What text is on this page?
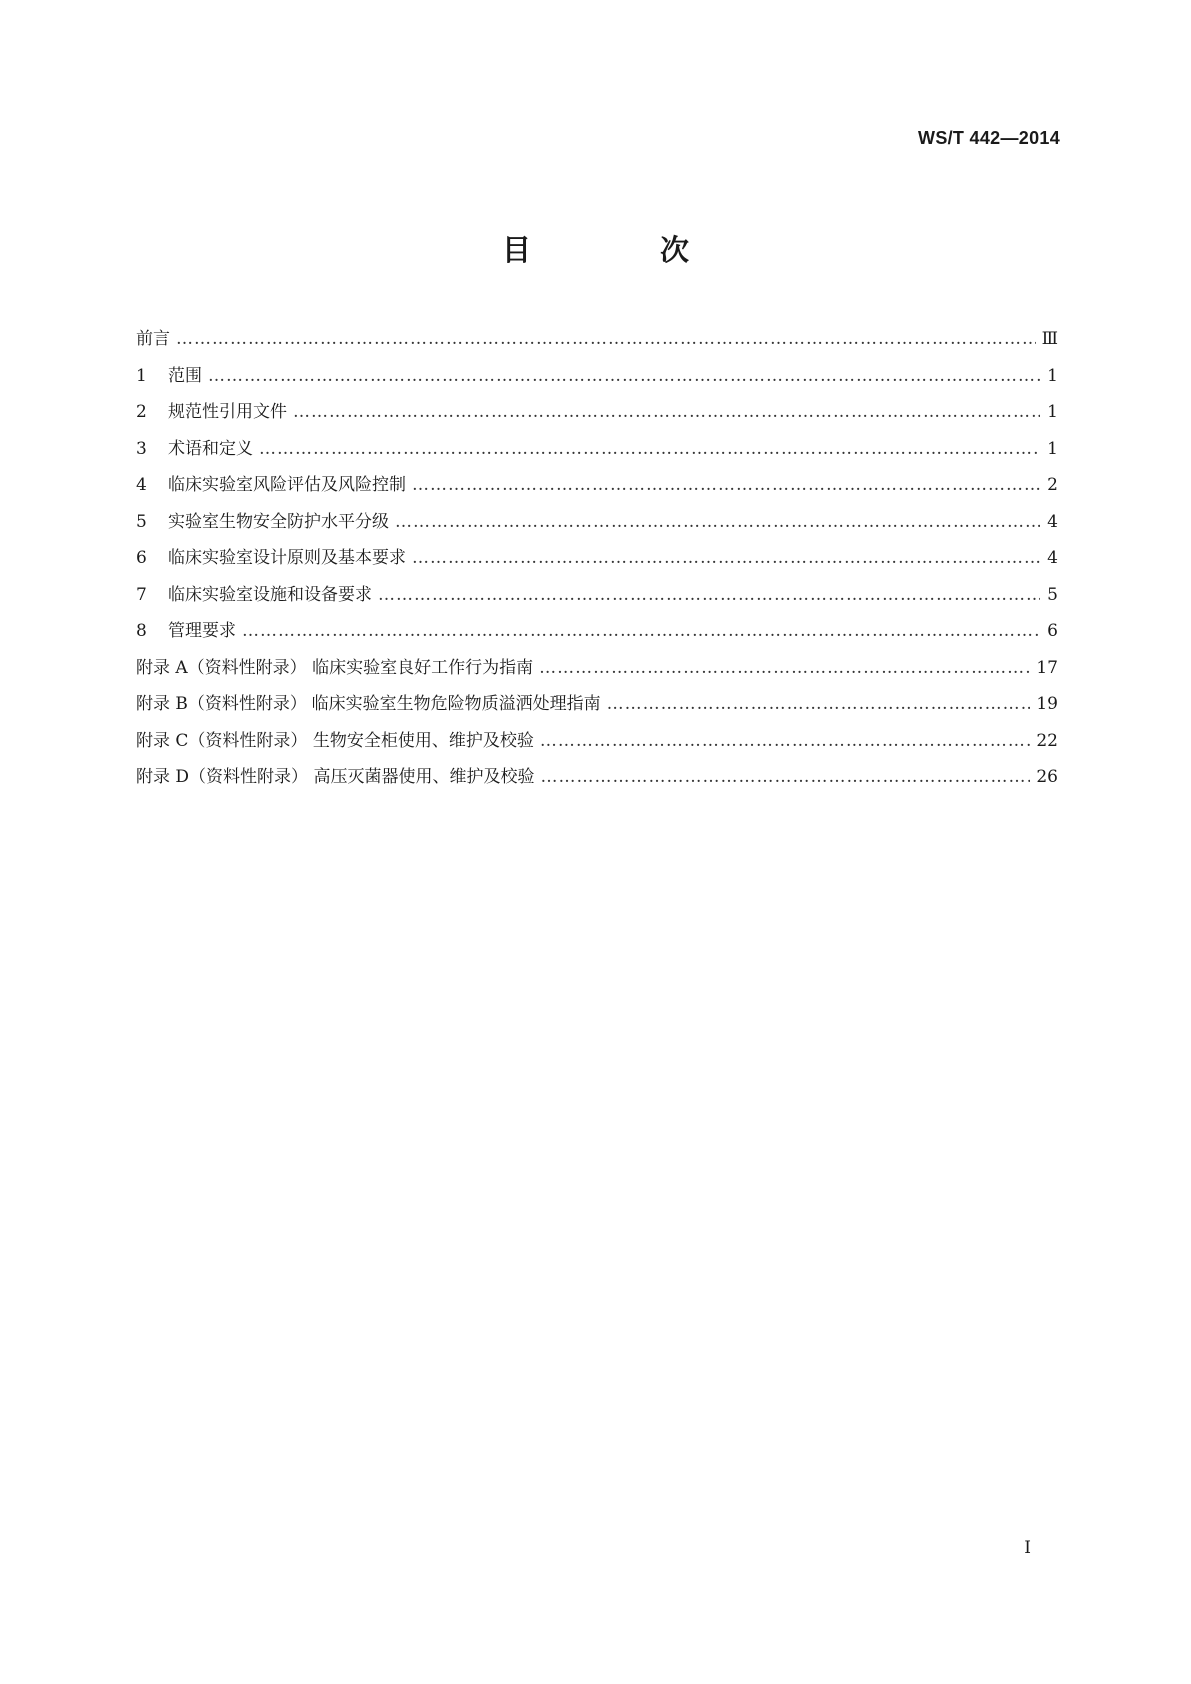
WS/T 442—2014
目　次
前言 …………………………………………………………………………………………………………………………………………………………………………………………	Ⅲ
1	范围 …………………………………………………………………………………………………………………………………………………………………………………………	1
2	规范性引用文件 …………………………………………………………………………………………………………………………………………………………………………………………	1
3	术语和定义 …………………………………………………………………………………………………………………………………………………………………………………………	1
4	临床实验室风险评估及风险控制 …………………………………………………………………………………………………………………………………………………………………………………………	2
5	实验室生物安全防护水平分级 …………………………………………………………………………………………………………………………………………………………………………………………	4
6	临床实验室设计原则及基本要求 …………………………………………………………………………………………………………………………………………………………………………………………	4
7	临床实验室设施和设备要求 …………………………………………………………………………………………………………………………………………………………………………………………	5
8	管理要求 …………………………………………………………………………………………………………………………………………………………………………………………	6
附录 A（资料性附录） 临床实验室良好工作行为指南 …………………………………………………………………………………………………………………………………………………………………………………………	17
附录 B（资料性附录） 临床实验室生物危险物质溢洒处理指南 …………………………………………………………………………………………………………………………………………………………………………………………	19
附录 C（资料性附录） 生物安全柜使用、维护及校验 …………………………………………………………………………………………………………………………………………………………………………………………	22
附录 D（资料性附录） 高压灭菌器使用、维护及校验 …………………………………………………………………………………………………………………………………………………………………………………………	26
I
